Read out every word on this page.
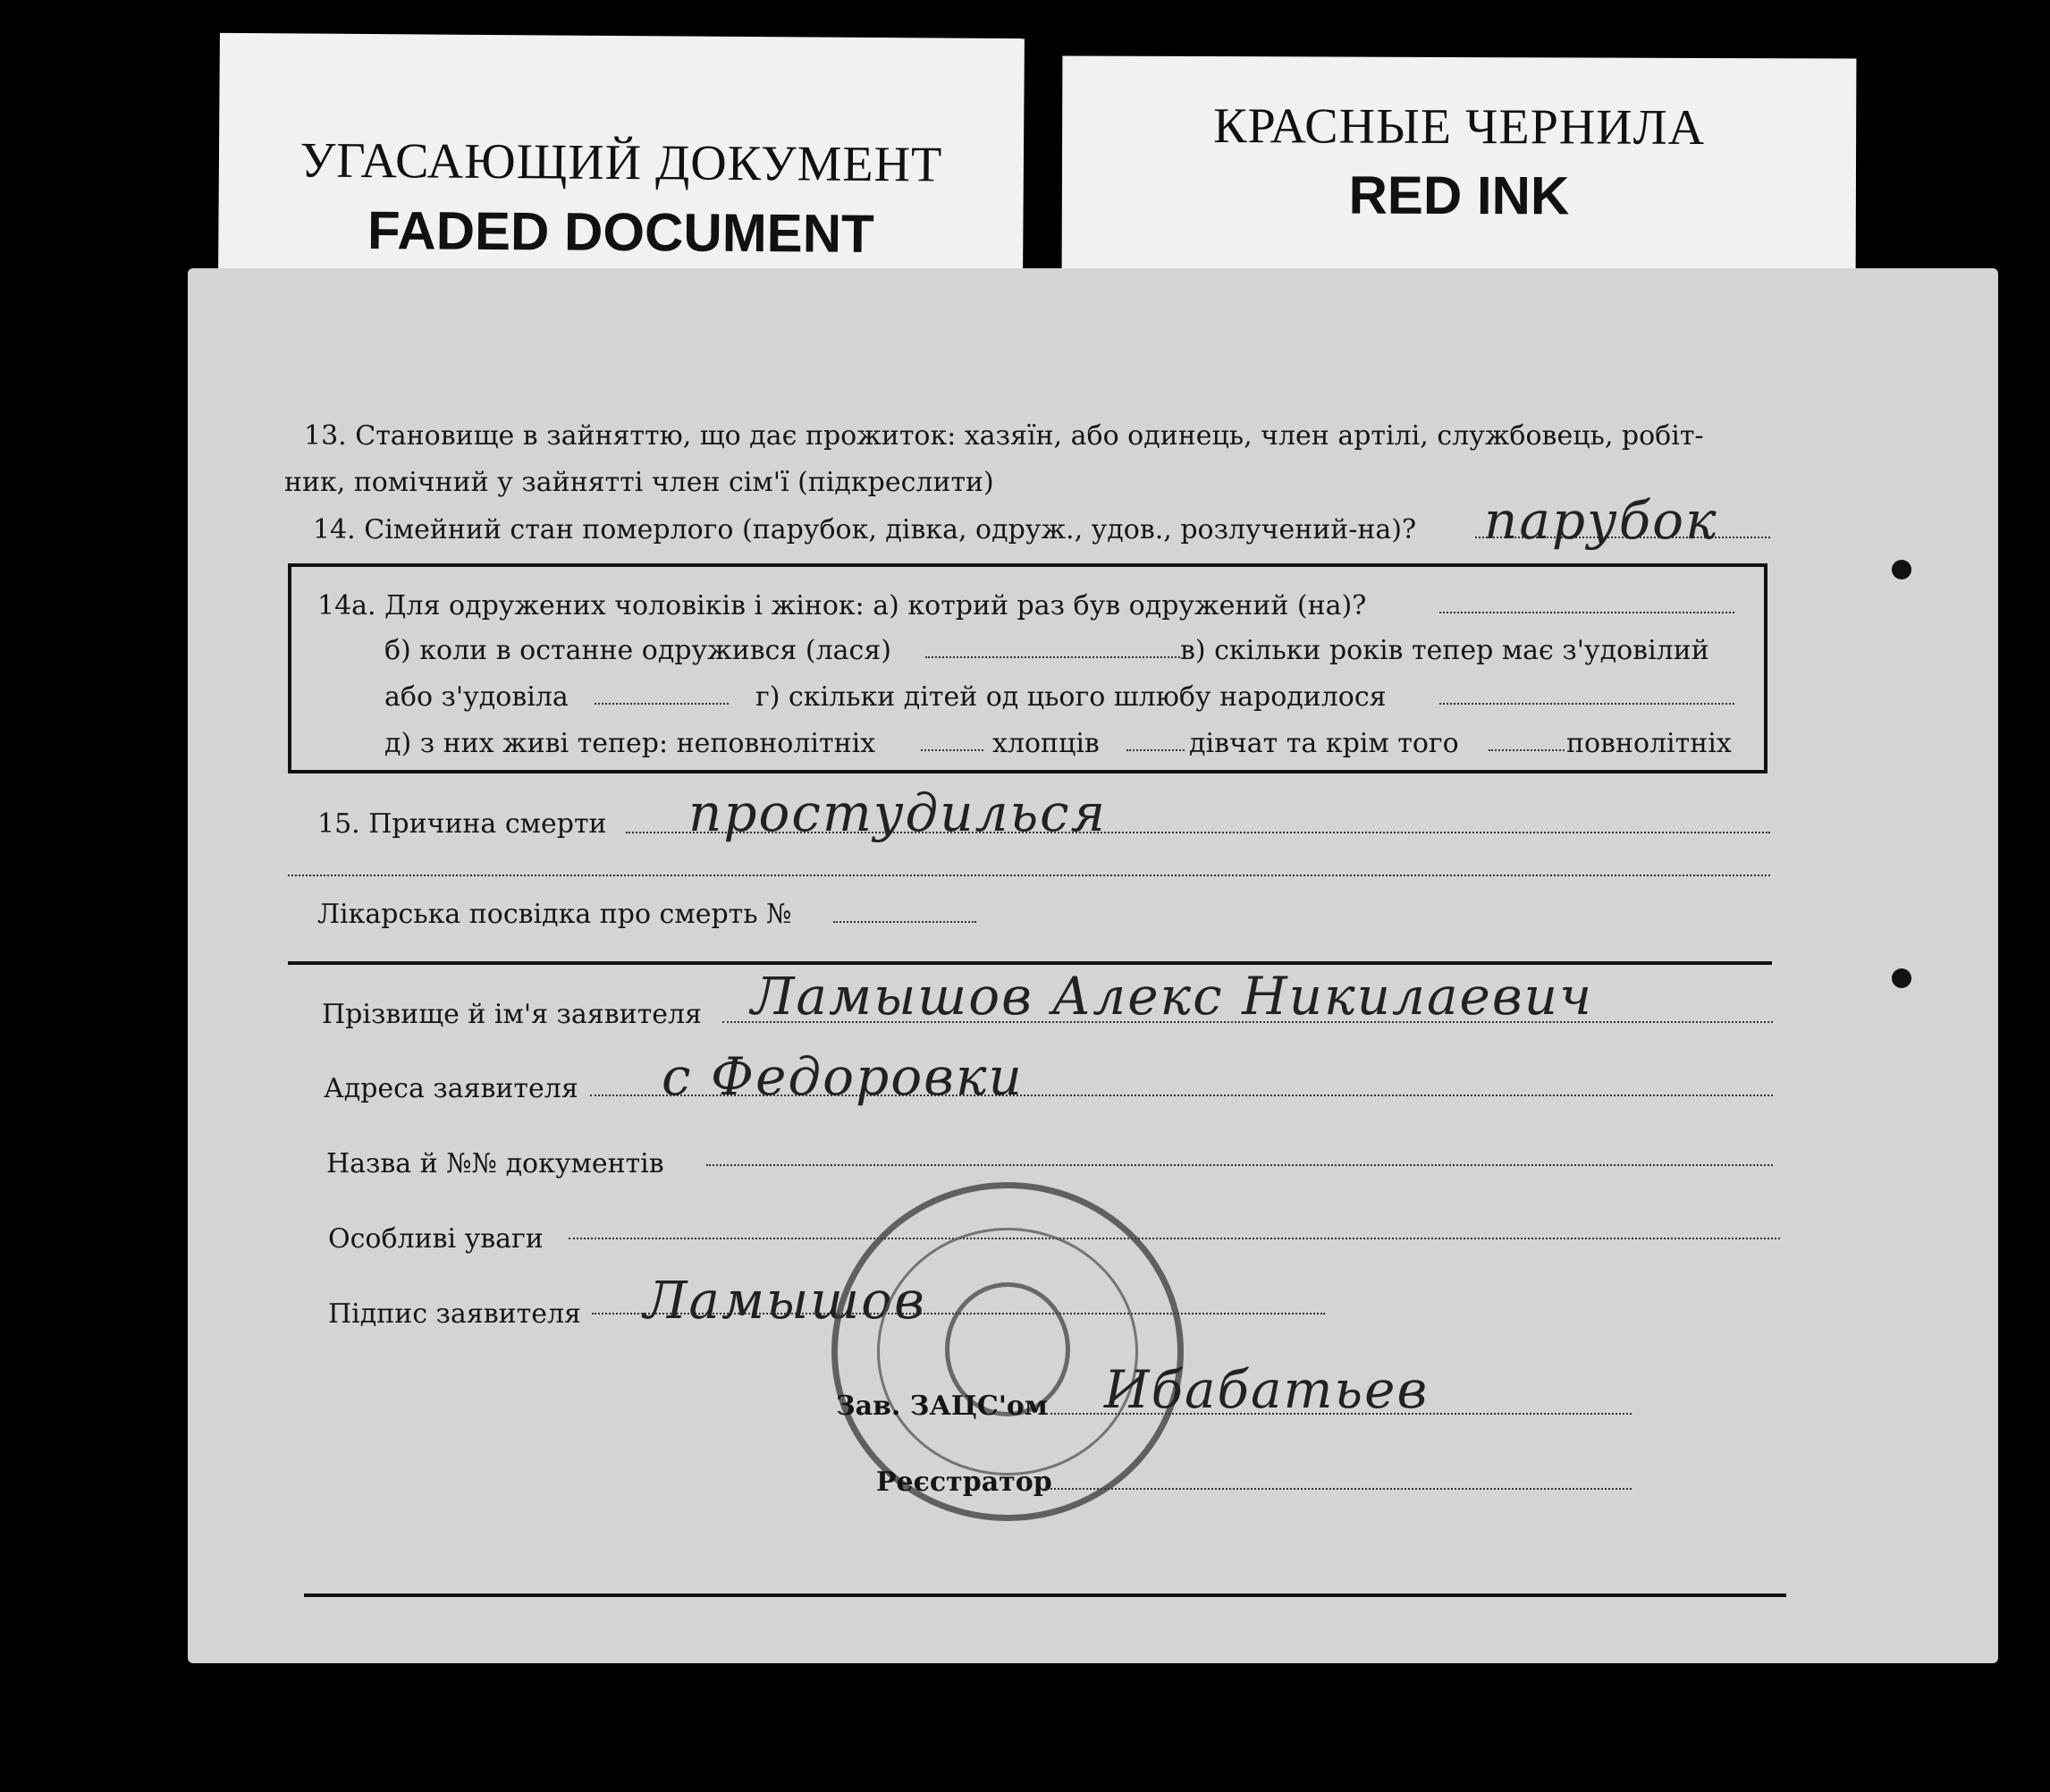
УГАСАЮЩИЙ ДОКУМЕНТ
FADED DOCUMENT
КРАСНЫЕ ЧЕРНИЛА
RED INK
13. Становище в зайняттю, що дає прожиток: хазяїн, або одинець, член артілі, службовець, робіт-
ник, помічний у зайнятті член сім'ї (підкреслити)
14. Сімейний стан померлого (парубок, дівка, одруж., удов., розлучений-на)? парубок
14а. Для одружених чоловіків і жінок: а) котрий раз був одружений (на)?
б) коли в останне одружився (лася)	в) скільки років тепер має з'удовілий
або з'удовіла	г) скільки дітей од цього шлюбу народилося
д) з них живі тепер: неповнолітніх	хлопців	дівчат та крім того	повнолітніх
15. Причина смерти простудилься
Лікарська посвідка про смерть №
Прізвище й ім'я заявителя Ламышов Алекс Никилаевич
Адреса заявителя с Федоровки
Назва й №№ документів
Особливі уваги
Підпис заявителя Ламышов
Зав. ЗАЦС'ом Ибабатьев
Реєстратор
